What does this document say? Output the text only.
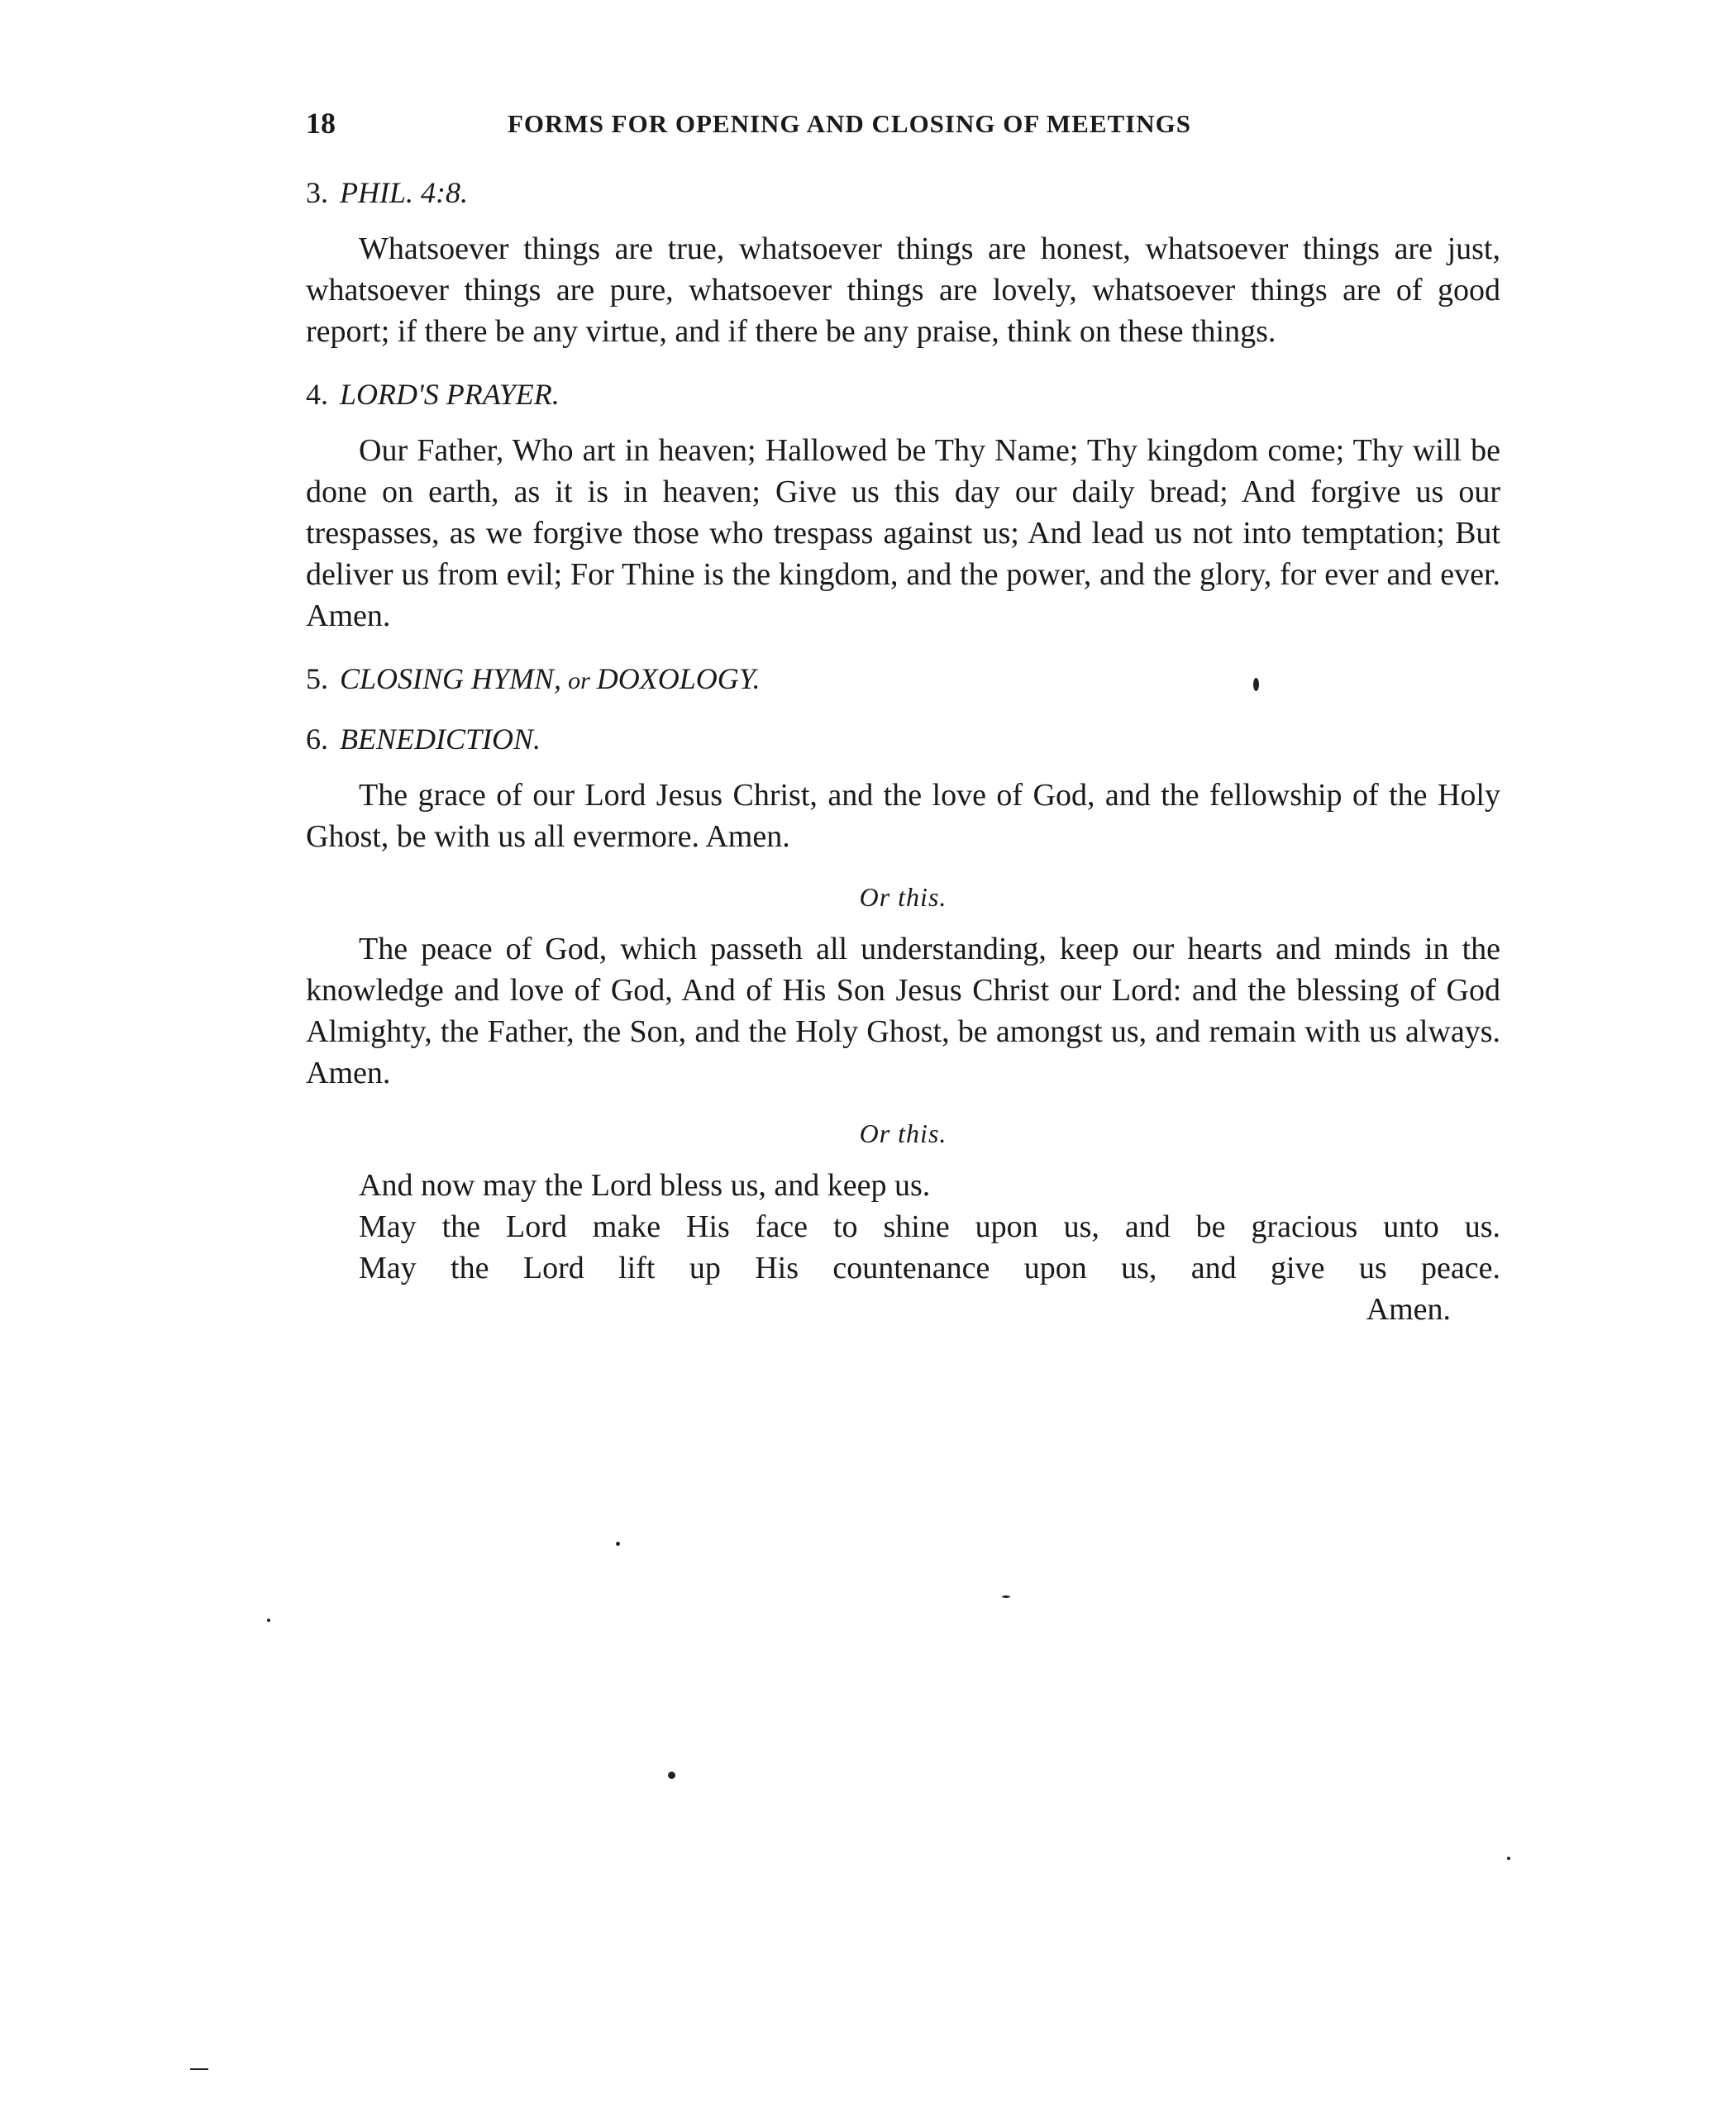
18	FORMS FOR OPENING AND CLOSING OF MEETINGS
3. PHIL. 4:8.

Whatsoever things are true, whatsoever things are honest, whatsoever things are just, whatsoever things are pure, whatsoever things are lovely, whatsoever things are of good report; if there be any virtue, and if there be any praise, think on these things.

4. LORD'S PRAYER.

Our Father, Who art in heaven; Hallowed be Thy Name; Thy kingdom come; Thy will be done on earth, as it is in heaven; Give us this day our daily bread; And forgive us our trespasses, as we forgive those who trespass against us; And lead us not into temptation; But deliver us from evil; For Thine is the kingdom, and the power, and the glory, for ever and ever. Amen.

5. CLOSING HYMN, or DOXOLOGY.
6. BENEDICTION.

The grace of our Lord Jesus Christ, and the love of God, and the fellowship of the Holy Ghost, be with us all evermore. Amen.

Or this.

The peace of God, which passeth all understanding, keep our hearts and minds in the knowledge and love of God, And of His Son Jesus Christ our Lord: and the blessing of God Almighty, the Father, the Son, and the Holy Ghost, be amongst us, and remain with us always. Amen.

Or this.

And now may the Lord bless us, and keep us.

May the Lord make His face to shine upon us, and be gracious unto us.

May the Lord lift up His countenance upon us, and give us peace.

Amen.
